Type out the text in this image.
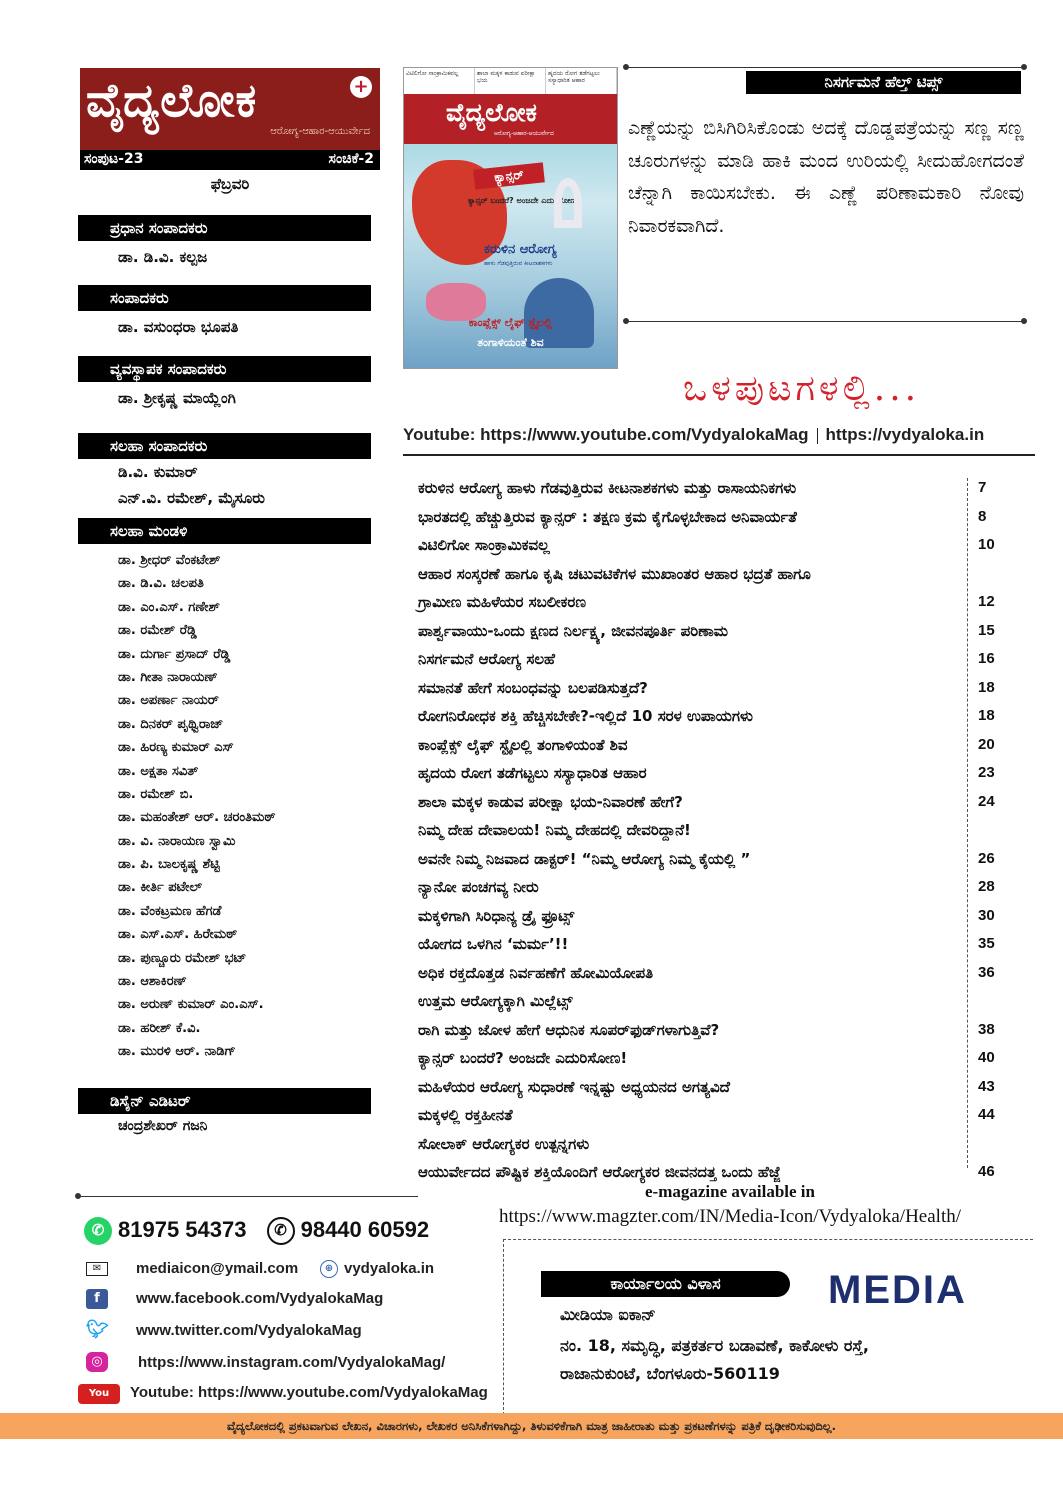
ವೈದ್ಯಲೋಕ	+
ಆರೋಗ್ಯ-ಆಹಾರ-ಆಯುರ್ವೇದ
ಸಂಪುಟ-23	ಸಂಚಿಕೆ-2
ಫೆಬ್ರವರಿ
ಪ್ರಧಾನ ಸಂಪಾದಕರು
ಡಾ. ಡಿ.ವಿ. ಕಲ್ಪಜ
ಸಂಪಾದಕರು
ಡಾ. ವಸುಂಧರಾ ಭೂಪತಿ
ವ್ಯವಸ್ಥಾಪಕ ಸಂಪಾದಕರು
ಡಾ. ಶ್ರೀಕೃಷ್ಣ ಮಾಯ್ಲೆಂಗಿ
ಸಲಹಾ ಸಂಪಾದಕರು
ಡಿ.ವಿ. ಕುಮಾರ್
ಎನ್.ವಿ. ರಮೇಶ್, ಮೈಸೂರು
ಸಲಹಾ ಮಂಡಳಿ
ಡಾ. ಶ್ರೀಧರ್ ವೆಂಕಟೇಶ್
ಡಾ. ಡಿ.ವಿ. ಚಲಪತಿ
ಡಾ. ಎಂ.ಎಸ್. ಗಣೇಶ್
ಡಾ. ರಮೇಶ್ ರೆಡ್ಡಿ
ಡಾ. ದುರ್ಗಾ ಪ್ರಸಾದ್ ರೆಡ್ಡಿ
ಡಾ. ಗೀತಾ ನಾರಾಯಣ್
ಡಾ. ಅಪರ್ಣಾ ನಾಯರ್
ಡಾ. ದಿನಕರ್ ಪೃಥ್ವಿರಾಜ್
ಡಾ. ಹಿರಣ್ಯ ಕುಮಾರ್ ಎಸ್
ಡಾ. ಅಕ್ಷತಾ ಸವಿತ್
ಡಾ. ರಮೇಶ್ ಬಿ.
ಡಾ. ಮಹಂತೇಶ್ ಆರ್. ಚರಂತಿಮಠ್
ಡಾ. ವಿ. ನಾರಾಯಣ ಸ್ವಾಮಿ
ಡಾ. ಪಿ. ಬಾಲಕೃಷ್ಣ ಶೆಟ್ಟಿ
ಡಾ. ಕೀರ್ತಿ ಪಟೇಲ್
ಡಾ. ವೆಂಕಟ್ರಮಣ ಹೆಗಡೆ
ಡಾ. ಎಸ್.ಎಸ್. ಹಿರೇಮಠ್
ಡಾ. ಪುಣ್ಚೂರು ರಮೇಶ್ ಭಟ್
ಡಾ. ಆಶಾಕಿರಣ್
ಡಾ. ಅರುಣ್ ಕುಮಾರ್ ಎಂ.ಎಸ್.
ಡಾ. ಹರೀಶ್ ಕೆ.ವಿ.
ಡಾ. ಮುರಳಿ ಆರ್. ನಾಡಿಗ್
ಡಿಸೈನ್ ಎಡಿಟರ್
ಚಂದ್ರಶೇಖರ್ ಗಜನಿ
ವಿಟಿಲಿಗೋ ಸಾಂಕ್ರಾಮಿಕವಲ್ಲ	ಶಾಲಾ ಮಕ್ಕಳ ಕಾಡುವ ಪರೀಕ್ಷಾ ಭಯ
ಹೃದಯ ರೋಗ ತಡೆಗಟ್ಟಲು ಸಸ್ಯಾಧಾರಿತ ಆಹಾರ
ವೈದ್ಯಲೋಕ
ಆರೋಗ್ಯ-ಆಹಾರ-ಆಯುರ್ವೇದ
ಕ್ಯಾನ್ಸರ್
ಕ್ಯಾನ್ಸರ್ ಬಂದರೆ? ಅಂಜದೇ ಎದುರಿಸೋಣ!
ಕರುಳಿನ ಆರೋಗ್ಯ
ಹಾಳು ಗೆಡವುತ್ತಿರುವ ಕೀಟನಾಶಕಗಳು
ಕಾಂಪ್ಲೆಕ್ಸ್ ಲೈಫ್ ಸ್ಟೈಲಲ್ಲಿ
ತಂಗಾಳಿಯಂತೆ ಶಿವ
ನಿಸರ್ಗಮನೆ ಹೆಲ್ತ್ ಟಿಪ್ಸ್
ಎಣ್ಣೆಯನ್ನು ಬಿಸಿಗಿರಿಸಿಕೊಂಡು ಅದಕ್ಕೆ ದೊಡ್ಡಪತ್ರೆಯನ್ನು ಸಣ್ಣ ಸಣ್ಣ ಚೂರುಗಳನ್ನು ಮಾಡಿ ಹಾಕಿ ಮಂದ ಉರಿಯಲ್ಲಿ ಸೀದುಹೋಗದಂತೆ ಚೆನ್ನಾಗಿ ಕಾಯಿಸಬೇಕು. ಈ ಎಣ್ಣೆ ಪರಿಣಾಮಕಾರಿ ನೋವು ನಿವಾರಕವಾಗಿದೆ.
ಒಳಪುಟಗಳಲ್ಲಿ...
Youtube: https://www.youtube.com/VydyalokaMag https://vydyaloka.in
ಕರುಳಿನ ಆರೋಗ್ಯ ಹಾಳು ಗೆಡವುತ್ತಿರುವ ಕೀಟನಾಶಕಗಳು ಮತ್ತು ರಾಸಾಯನಿಕಗಳು	7
ಭಾರತದಲ್ಲಿ ಹೆಚ್ಚುತ್ತಿರುವ ಕ್ಯಾನ್ಸರ್ : ತಕ್ಷಣ ಕ್ರಮ ಕೈಗೊಳ್ಳಬೇಕಾದ ಅನಿವಾರ್ಯತೆ	8
ವಿಟಿಲಿಗೋ ಸಾಂಕ್ರಾಮಿಕವಲ್ಲ	10
ಆಹಾರ ಸಂಸ್ಕರಣೆ ಹಾಗೂ ಕೃಷಿ ಚಟುವಟಿಕೆಗಳ ಮುಖಾಂತರ ಆಹಾರ ಭದ್ರತೆ ಹಾಗೂ
ಗ್ರಾಮೀಣ ಮಹಿಳೆಯರ ಸಬಲೀಕರಣ	12
ಪಾರ್ಶ್ವವಾಯು-ಒಂದು ಕ್ಷಣದ ನಿರ್ಲಕ್ಷ್ಯ, ಜೀವನಪೂರ್ತಿ ಪರಿಣಾಮ	15
ನಿಸರ್ಗಮನೆ ಆರೋಗ್ಯ ಸಲಹೆ	16
ಸಮಾನತೆ ಹೇಗೆ ಸಂಬಂಧವನ್ನು ಬಲಪಡಿಸುತ್ತದೆ?	18
ರೋಗನಿರೋಧಕ ಶಕ್ತಿ ಹೆಚ್ಚಿಸಬೇಕೇ?-ಇಲ್ಲಿದೆ 10 ಸರಳ ಉಪಾಯಗಳು	18
ಕಾಂಪ್ಲೆಕ್ಸ್ ಲೈಫ್ ಸ್ಟೈಲಲ್ಲಿ ತಂಗಾಳಿಯಂತೆ ಶಿವ	20
ಹೃದಯ ರೋಗ ತಡೆಗಟ್ಟಲು ಸಸ್ಯಾಧಾರಿತ ಆಹಾರ	23
ಶಾಲಾ ಮಕ್ಕಳ ಕಾಡುವ ಪರೀಕ್ಷಾ ಭಯ-ನಿವಾರಣೆ ಹೇಗೆ?	24
ನಿಮ್ಮ ದೇಹ ದೇವಾಲಯ! ನಿಮ್ಮ ದೇಹದಲ್ಲಿ ದೇವರಿದ್ದಾನೆ!
ಅವನೇ ನಿಮ್ಮ ನಿಜವಾದ ಡಾಕ್ಟರ್! “ನಿಮ್ಮ ಆರೋಗ್ಯ ನಿಮ್ಮ ಕೈಯಲ್ಲಿ ”	26
ನ್ಯಾನೋ ಪಂಚಗವ್ಯ ನೀರು	28
ಮಕ್ಕಳಿಗಾಗಿ ಸಿರಿಧಾನ್ಯ ಡ್ರೈ ಫ್ರೂಟ್ಸ್	30
ಯೋಗದ ಒಳಗಿನ ‘ಮರ್ಮ’!!	35
ಅಧಿಕ ರಕ್ತದೊತ್ತಡ ನಿರ್ವಹಣೆಗೆ ಹೋಮಿಯೋಪತಿ	36
ಉತ್ತಮ ಆರೋಗ್ಯಕ್ಕಾಗಿ ಮಿಲ್ಲೆಟ್ಸ್
ರಾಗಿ ಮತ್ತು ಜೋಳ ಹೇಗೆ ಆಧುನಿಕ ಸೂಪರ್‌ಫುಡ್‌ಗಳಾಗುತ್ತಿವೆ?	38
ಕ್ಯಾನ್ಸರ್ ಬಂದರೆ? ಅಂಜದೇ ಎದುರಿಸೋಣ!	40
ಮಹಿಳೆಯರ ಆರೋಗ್ಯ ಸುಧಾರಣೆ ಇನ್ನಷ್ಟು ಅಧ್ಯಯನದ ಅಗತ್ಯವಿದೆ	43
ಮಕ್ಕಳಲ್ಲಿ ರಕ್ತಹೀನತೆ	44
ಸೋಲಾಕ್ ಆರೋಗ್ಯಕರ ಉತ್ಪನ್ನಗಳು
ಆಯುರ್ವೇದದ ಪೌಷ್ಟಿಕ ಶಕ್ತಿಯೊಂದಿಗೆ ಆರೋಗ್ಯಕರ ಜೀವನದತ್ತ ಒಂದು ಹೆಜ್ಜೆ	46
e-magazine available in
https://www.magzter.com/IN/Media-Icon/Vydyaloka/Health/
✆ 81975 54373 ✆ 98440 60592
✉	mediaicon@ymail.com	⊕ vydyaloka.in
f	www.facebook.com/VydyalokaMag
🐦︎ www.twitter.com/VydyalokaMag
◎	https://www.instagram.com/VydyalokaMag/
You	Youtube: https://www.youtube.com/VydyalokaMag
ಕಾರ್ಯಾಲಯ ವಿಳಾಸ	MEDIA
ಮೀಡಿಯಾ ಐಕಾನ್
ನಂ. 18, ಸಮೃದ್ಧಿ, ಪತ್ರಕರ್ತರ ಬಡಾವಣೆ, ಕಾಕೋಳು ರಸ್ತೆ,
ರಾಜಾನುಕುಂಟೆ, ಬೆಂಗಳೂರು-560119
ವೈದ್ಯಲೋಕದಲ್ಲಿ ಪ್ರಕಟವಾಗುವ ಲೇಖನ, ವಿಚಾರಗಳು, ಲೇಖಕರ ಅನಿಸಿಕೆಗಳಾಗಿದ್ದು, ತಿಳುವಳಿಕೆಗಾಗಿ ಮಾತ್ರ ಜಾಹೀರಾತು ಮತ್ತು ಪ್ರಕಟಣೆಗಳನ್ನು ಪತ್ರಿಕೆ ದೃಢೀಕರಿಸುವುದಿಲ್ಲ.
